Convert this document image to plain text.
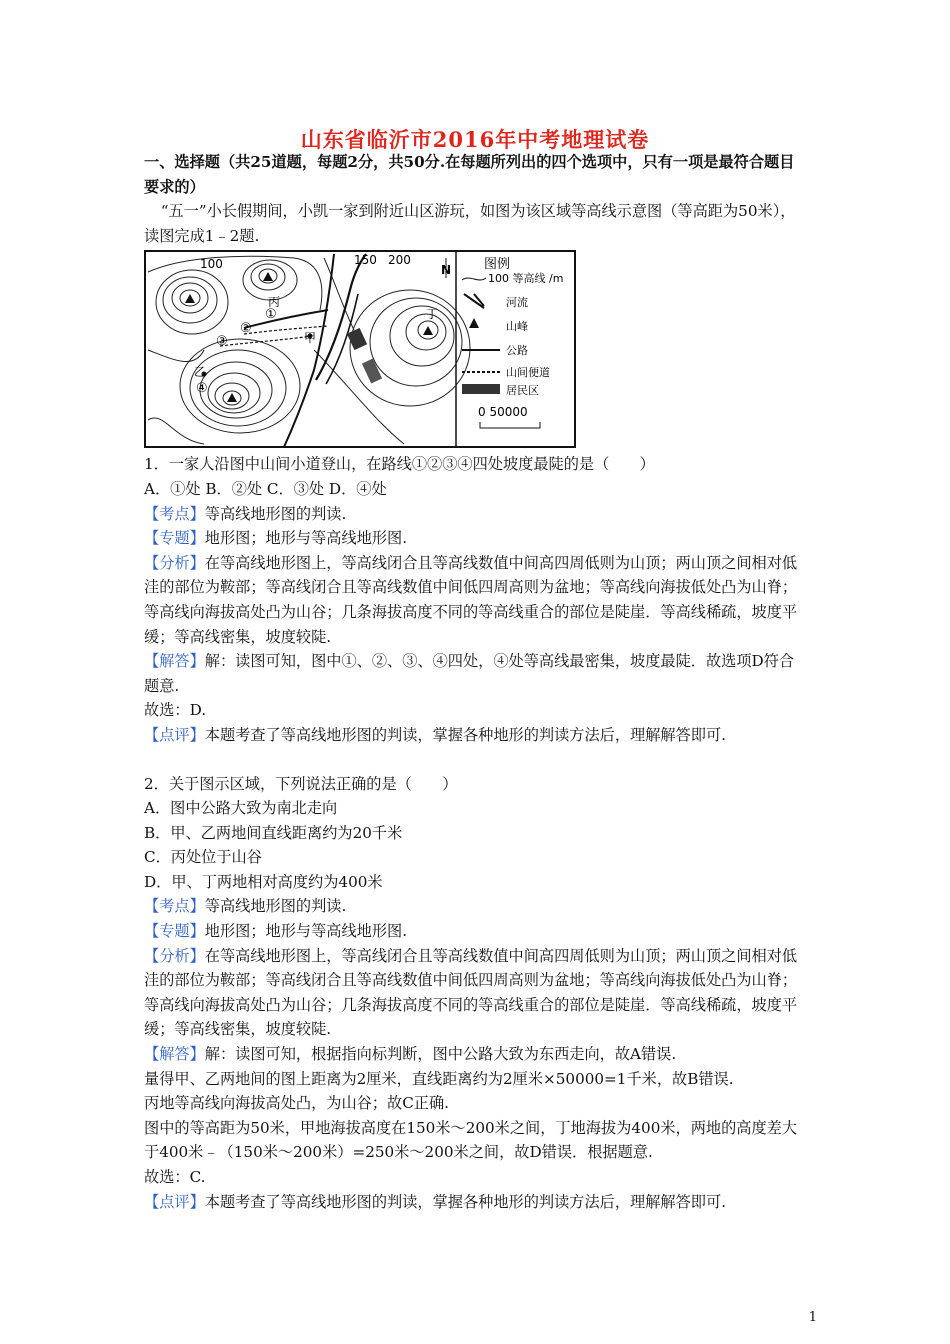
山东省临沂市2016年中考地理试卷

一、选择题（共25道题，每题2分，共50分.在每题所列出的四个选项中，只有一项是最符合题目要求的）

“五一”小长假期间，小凯一家到附近山区游玩，如图为该区域等高线示意图（等高距为50米），读图完成1﹣2题.

100	150 200
N
甲
乙
丙
丁
①
②
③
④
图例
100 等高线 /m
河流
山峰
公路
山间便道
居民区
0 50000

1．一家人沿图中山间小道登山，在路线①②③④四处坡度最陡的是（　　）

A．①处 B．②处 C．③处 D．④处

【考点】等高线地形图的判读.

【专题】地形图；地形与等高线地形图.

【分析】在等高线地形图上，等高线闭合且等高线数值中间高四周低则为山顶；两山顶之间相对低洼的部位为鞍部；等高线闭合且等高线数值中间低四周高则为盆地；等高线向海拔低处凸为山脊；等高线向海拔高处凸为山谷；几条海拔高度不同的等高线重合的部位是陡崖．等高线稀疏，坡度平缓；等高线密集，坡度较陡.

【解答】解：读图可知，图中①、②、③、④四处，④处等高线最密集，坡度最陡．故选项D符合题意.

故选：D.

【点评】本题考查了等高线地形图的判读，掌握各种地形的判读方法后，理解解答即可.

2．关于图示区域，下列说法正确的是（　　）

A．图中公路大致为南北走向

B．甲、乙两地间直线距离约为20千米

C．丙处位于山谷

D．甲、丁两地相对高度约为400米

【考点】等高线地形图的判读.

【专题】地形图；地形与等高线地形图.

【分析】在等高线地形图上，等高线闭合且等高线数值中间高四周低则为山顶；两山顶之间相对低洼的部位为鞍部；等高线闭合且等高线数值中间低四周高则为盆地；等高线向海拔低处凸为山脊；等高线向海拔高处凸为山谷；几条海拔高度不同的等高线重合的部位是陡崖．等高线稀疏，坡度平缓；等高线密集，坡度较陡.

【解答】解：读图可知，根据指向标判断，图中公路大致为东西走向，故A错误.

量得甲、乙两地间的图上距离为2厘米，直线距离约为2厘米×50000=1千米，故B错误.

丙地等高线向海拔高处凸，为山谷；故C正确.

图中的等高距为50米，甲地海拔高度在150米～200米之间，丁地海拔为400米，两地的高度差大于400米﹣（150米～200米）=250米～200米之间，故D错误．根据题意.

故选：C.

【点评】本题考查了等高线地形图的判读，掌握各种地形的判读方法后，理解解答即可.

1
